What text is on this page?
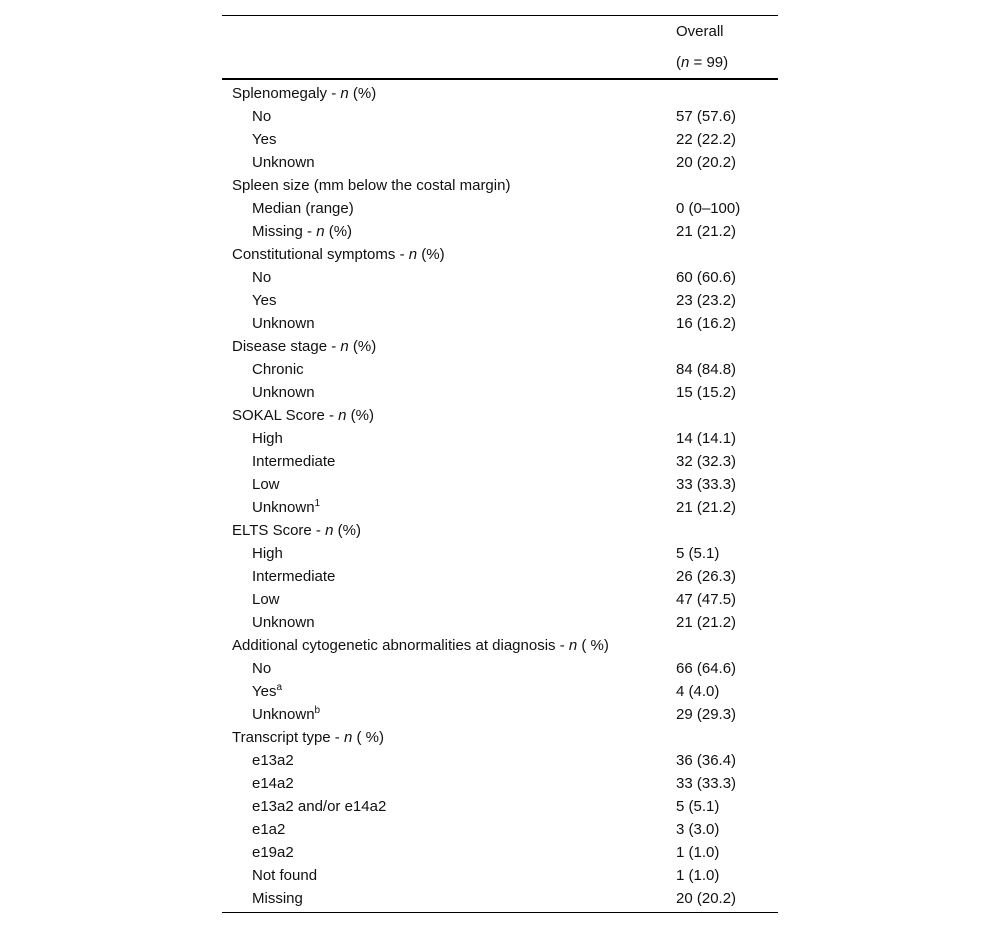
Overall
(n = 99)
Splenomegaly - n (%)
No	57 (57.6)
Yes	22 (22.2)
Unknown	20 (20.2)
Spleen size (mm below the costal margin)
Median (range)	0 (0–100)
Missing - n (%)	21 (21.2)
Constitutional symptoms - n (%)
No	60 (60.6)
Yes	23 (23.2)
Unknown	16 (16.2)
Disease stage - n (%)
Chronic	84 (84.8)
Unknown	15 (15.2)
SOKAL Score - n (%)
High	14 (14.1)
Intermediate	32 (32.3)
Low	33 (33.3)
Unknown$^1$	21 (21.2)
ELTS Score - n (%)
High	5 (5.1)
Intermediate	26 (26.3)
Low	47 (47.5)
Unknown	21 (21.2)
Additional cytogenetic abnormalities at diagnosis - n ( %)
No	66 (64.6)
Yes$^a$	4 (4.0)
Unknown$^b$	29 (29.3)
Transcript type - n ( %)
e13a2	36 (36.4)
e14a2	33 (33.3)
e13a2 and/or e14a2	5 (5.1)
e1a2	3 (3.0)
e19a2	1 (1.0)
Not found	1 (1.0)
Missing	20 (20.2)
